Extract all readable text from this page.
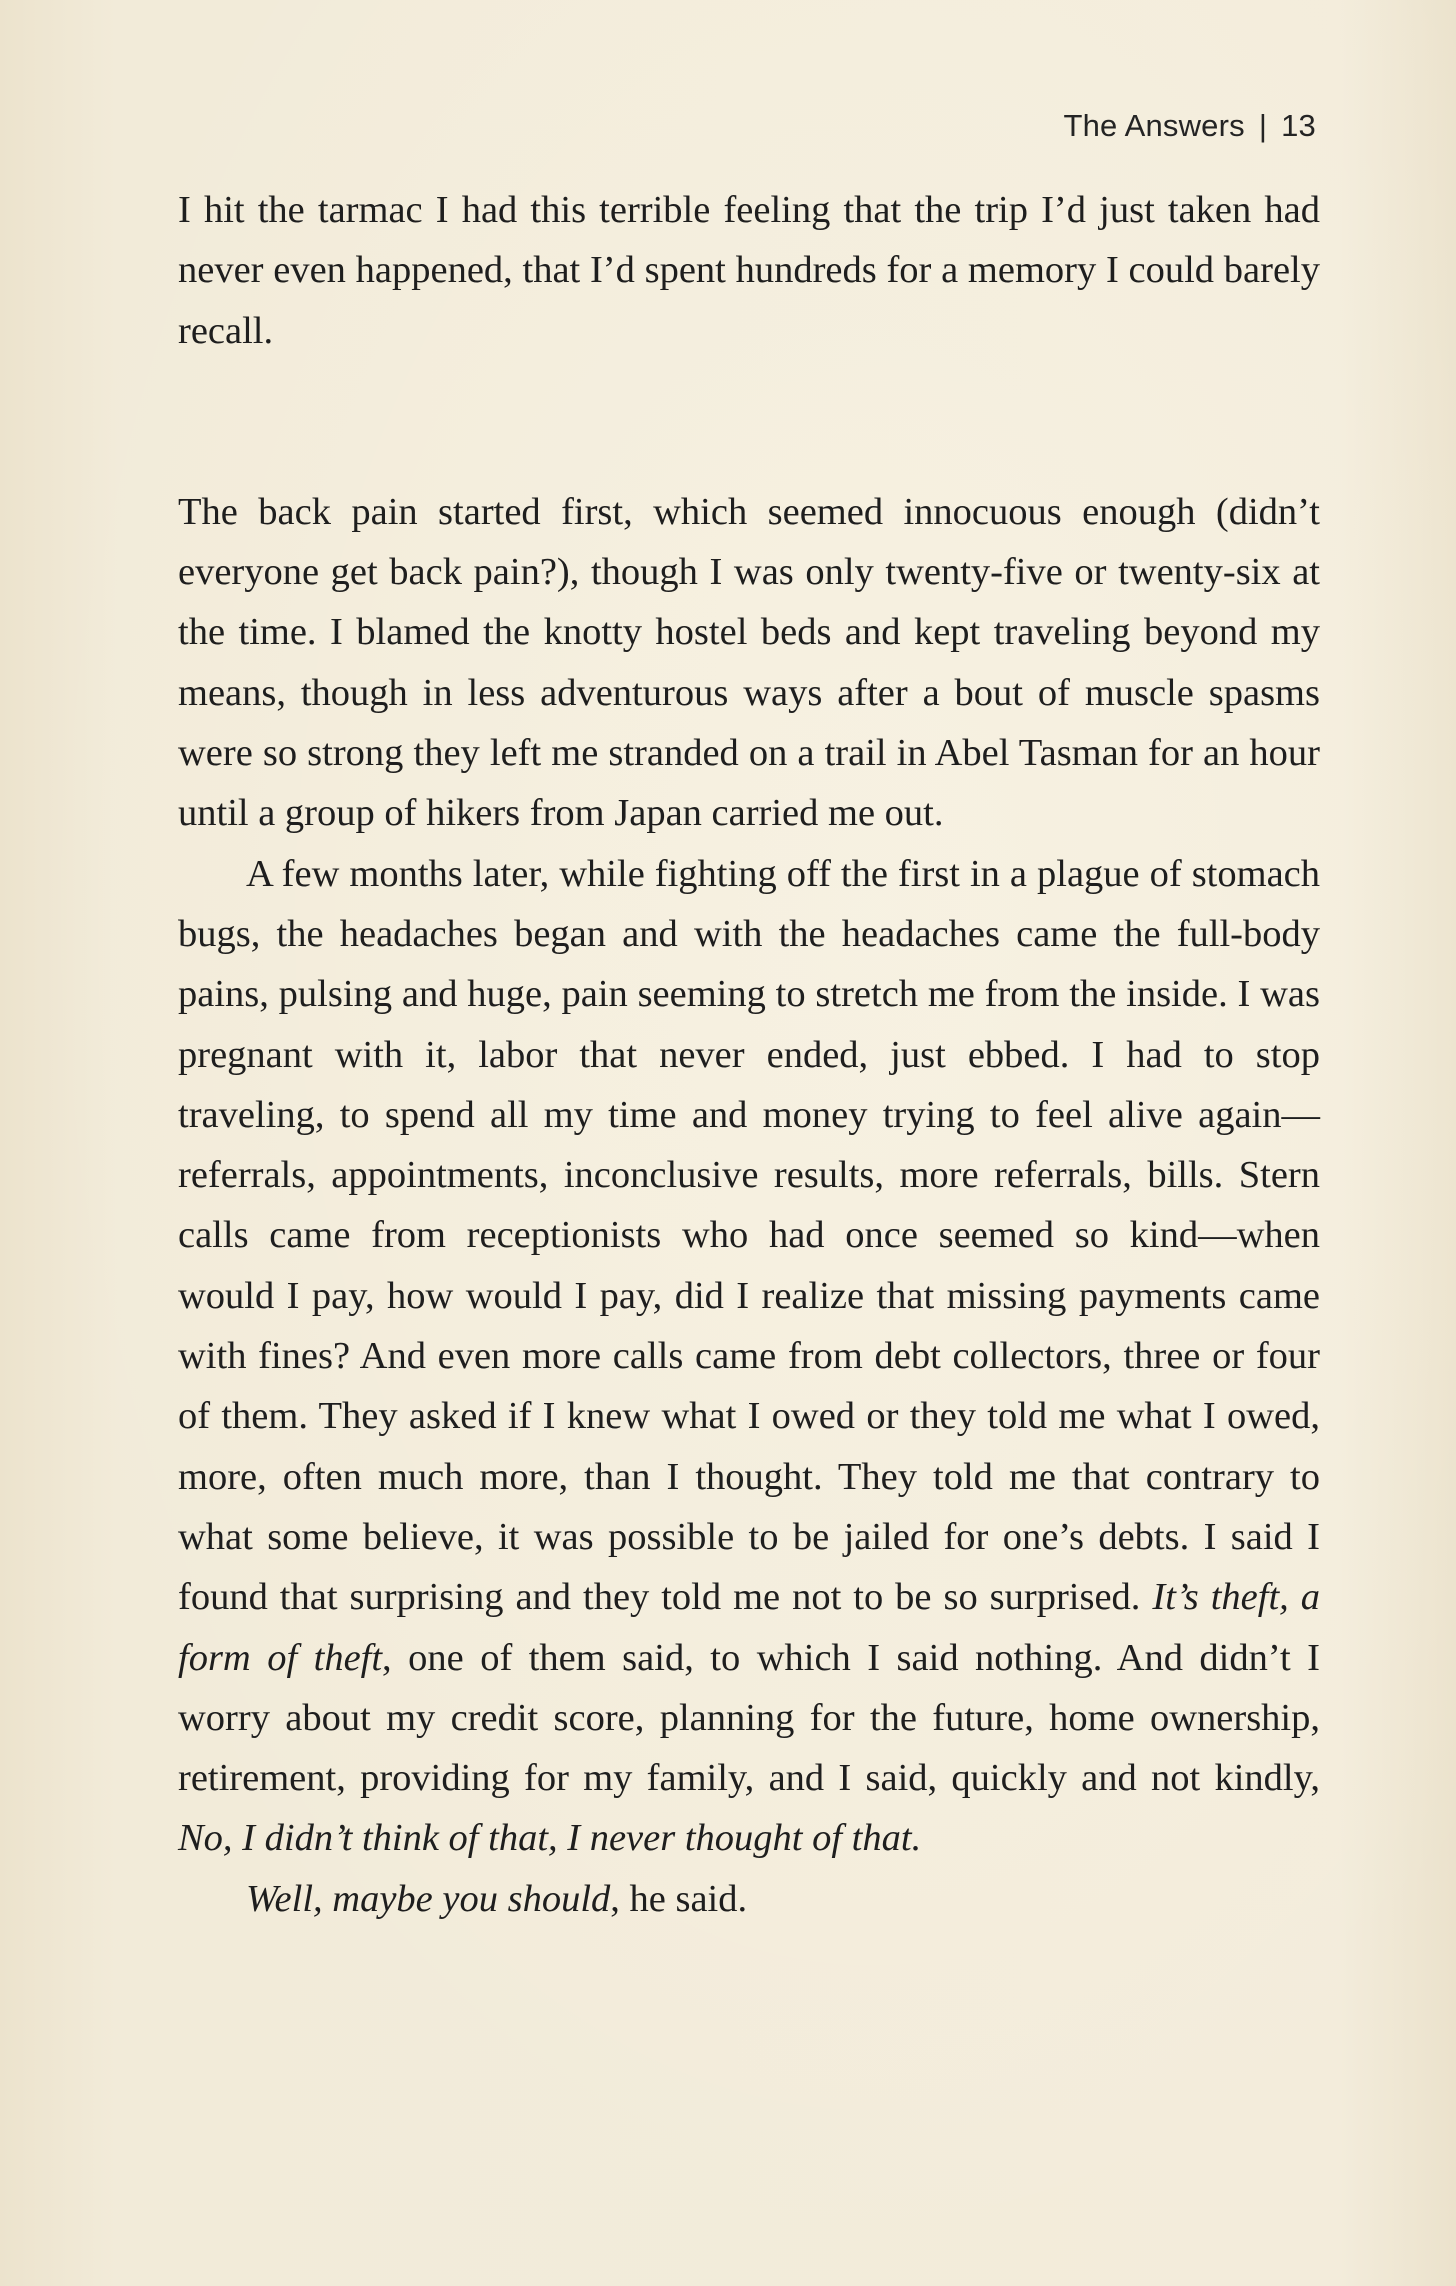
The Answers | 13

I hit the tarmac I had this terrible feeling that the trip I’d just taken had never even happened, that I’d spent hundreds for a memory I could barely recall.

The back pain started first, which seemed innocuous enough (didn’t everyone get back pain?), though I was only twenty-five or twenty-six at the time. I blamed the knotty hostel beds and kept traveling beyond my means, though in less adventurous ways after a bout of muscle spasms were so strong they left me stranded on a trail in Abel Tasman for an hour until a group of hikers from Japan carried me out.

A few months later, while fighting off the first in a plague of stomach bugs, the headaches began and with the headaches came the full-body pains, pulsing and huge, pain seeming to stretch me from the inside. I was pregnant with it, labor that never ended, just ebbed. I had to stop traveling, to spend all my time and money trying to feel alive again—referrals, appointments, inconclusive results, more referrals, bills. Stern calls came from receptionists who had once seemed so kind—when would I pay, how would I pay, did I realize that missing payments came with fines? And even more calls came from debt collectors, three or four of them. They asked if I knew what I owed or they told me what I owed, more, often much more, than I thought. They told me that contrary to what some believe, it was possible to be jailed for one’s debts. I said I found that surprising and they told me not to be so surprised. It’s theft, a form of theft, one of them said, to which I said nothing. And didn’t I worry about my credit score, planning for the future, home ownership, retirement, providing for my family, and I said, quickly and not kindly, No, I didn’t think of that, I never thought of that.

Well, maybe you should, he said.
